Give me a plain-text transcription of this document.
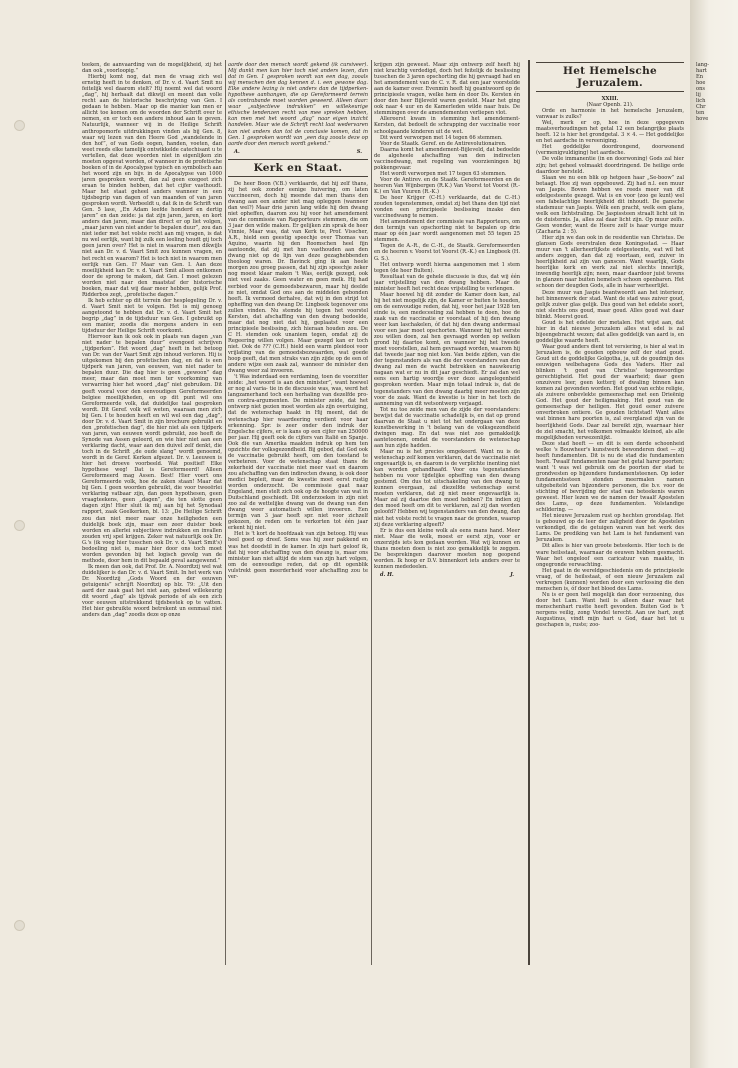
teeken, de aanvaarding van de mogelijkheid, zij het dan ook „voorloopig.”

Hierbij komt nog, dat men de vraag zich wel ernstig heeft in te denken, of Dr. v. d. Vaart Smit nu feitelijk wel daarom stelt? Hij noemt wel dat woord „dag”, hij herhaalt dat dikwijl en meent dan volle recht aan de historische beschrijving van Gen. I gedaan te hebben. Maar op die manier kan men er allicht toe komen om de woorden der Schrift over te nemen, en er toch een andere inhoud aan te geven. Natuurlijk, wanneer wij in de Heilige Schrift anthropomorfe uitdrukkingen vinden als bij Gen. 8, waar wij lezen van den Heere God „wandelende in den hof”, of van Gods oogen, handen, voeten, dan weet reeds elke tamelijk ontwikkelde catechisant u te vertellen, dat deze woorden niet in eigenlijken zin moeten opgevat worden, of wanneer in de profetische boeken of in de Apocalypse typisch en symbolisch aan het woord zijn en bijv. in de Apocalypse van 1000 jaren gesproken wordt, dan zal geen exegeet zich eraan te binden hebben, dat het cijfer vasthoudt. Maar het staat geheel anders wanneer in een tijdsbegrip van dagen of van maanden of van jaren gesproken wordt. Verbeeldt u, dat ik in de Schrift van Gen. 5 lase, „En Adam leefde honderd en dertig jaren” en dan zeide: ja dat zijn jaren, jaren, en kort anders dan jaren, maar dan direct er op liet volgen, „maar jaren van niet ander te bepalen duur”, zou dan niet ieder met het volste recht aan mij vragen, is dat nu wel eerlijk, want bij zulk een leeling houdt gij toch geen jaren over? Het is niet in waarom men dikwijls niet aan Dr. v. d. Vaart Smit zou kunnen vragen, en het recht en waarom? Het is toch niet in waarom men eerlijk van Gen. I? Maar van Gen. I. Aan deze moeilijkheid kan Dr. v. d. Vaart Smit alleen ontkomen door de sprong te maken, dat Gen. I moet gelezen worden niet naar den maatstaf der historische boeken, maar dat wij daar meer hebben, gelijk Prof. Ridderbos zegt, „profetische dagen.”

Ik heb echter op dit terrein der hesplegeling Dr. v. d. Vaart Smit niet te volgen. Het is mij genoeg aangetoond te hebben dat Dr. v. d. Vaart Smit het begrip „dag” in de tijdsduur van Gen. I gebruikt op een manier, zoodis die morgens anders in een tijdsduur der Heilige Schrift voorkomt.

Hiervoor kan ik ook ook in plaats van dagen „van niet nader te bepalen duur” evengoed schrijven „tijdperken”. Het woord „dag” heeft in het betoog van Dr. van der Vaart Smit zijn inhoud verloren. Hij is uitgekomen bij den profetischen dag, en dat is een tijdperk van jaren, van eeuwen, van niet nader te bepalen duur. Die dag hier is geen „gewoon” dag meer, maar dan moet men ter voorkoming van verwarring hier het woord „dag” niet gebruiken. Dit geeft vooral voor den eenvoudigen Gereformeerden belgiee moeilijkheden, en op dit punt wil ons Gereformeerde volk, dat duidelijke taal gesproken wordt. Dit Geref. volk wil weten, waaraan men zich bij Gen. I te houden heeft en wil wel een dag „dag”, door Dr. v. d. Vaart Smit in zijn brochure gebruikt en den „profetischen dag”, die hier niet als een tijdperk van jaren, van eeuwen wordt gebruikt, zoo heeft de Synode van Assen geleerd, en wie hier niet aan een verklaring dacht, waar aan den duivel zelf denkt, die toch in de Schrift „de oude slang” wordt genoemd, wordt in de Geref. Kerken afgezet. Dr. v. Leeuwen is hier het droeve voorbeeld. Wat positief! Elke hypothese weg! Dat is Gereformeerd! Alleen Gereformeerd mag Assen. Best! Hier voert ons Gereformeerde volk, hoe de zaken staan! Maar dat bij Gen. I geen woorden gebruikt, die voor tweeërlei verklaring vatbaar zijn, dan geen hypothesen, geen vraagteekens, geen „dagen”, die ten slotte geen dagen zijn! Hier sluit ik mij aan bij het Synodaal rapport, zaak Geelkerken, bl. 13: „De Heilige Schrift zou dan niet meer naar onze heiligheden een duidelijk boek zijn, maar een zeer duister boek worden en allerlei subjectieve indrukken en invallen zouden vrij spel krijgen. Zeker wat natuurlijk ook Dr. G.'s (ik voeg hier tusschen ook Dr. v. d. Vaart Smit's) bedoeling niet is, maar hier door ons toch moet worden gevonden bij het logisch gevolg van de methode, door hem in dit bepaald geval aangewend.”

Ik meen dan ook, dat Prof. Dr. A. Noordtzij wel wat duidelijker is dan Dr. v. d. Vaart Smit. In het werk van Dr. Noordtzij „Gods Woord en der eeuwen getuigenis” schrijft Noordtzij op blz. 79: „Uit den aard der zaak gaat het niet aan, gebeel willekeurig dit woord „dag” als tijdvak periode of als een zich voor eeuwen uitstrekkend tijdsbestek op te vatten. Het hier gebruikte woord betrekent un eenmaal niet anders dan „dag” zoodis deze op onze

aarde door den mensch wordt gekend (ik cursiveer). Mij dunkt men kan hier toch niet anders lezen, dan dat in Gen. 1 gesproken wordt van een dag, zooals wij menschen den dag kennen d. i. een gewone dag. Elke andere lezing is niet anders dan de tijdperken-hypothese aanhangen, die op Gereformeerd terrein als contrabande moet worden geweerd. Alleen daar: waar „subjectieve indrukken” en willekeurige ethische tendenzen recht van mee spreken hebben, kan men met het woord „dag” naar eigen inzicht handelen. Maar wie de Schrift recht laat wedervaren kan niet anders dan tot de conclusie komen, dat in Gen. 1 gesproken wordt van „een dag zooals deze op aarde door den mensch wordt gekend.”

A.	S.
Kerk en Staat.

De heer Boon (V.B.) verklaarde, dat hij zelf thans, zij het ook zonder eenige huivering, om laten vaccineeren, doch hij meende dat men thans den dwang aan een ander niet mag opleggen (wanneer dan wel?) Maar drie jaren lang wilde hij den dwang niet opheffen, daarom zou hij voor het amendement van de commissie van Rapporteurs stemmen, die om 3 jaar den wilde maken. Er gelijken zin sprak de heer Vinnie, Maar was, dat van Kerk te, Prof. Visscher, A.R., hield een geestig speechje over Thomas van Aquino, waarin hij den Roomschen heel fijn aantoonde, dat zij met hun vasthouden aan den dwang niet op de lijn van deze gezaghebbenden theoloog waren. Dr. Bavinck ging ik aan heele morgen zou groeg passen, dat hij zijn speechje zeker nog moest klaar maken 't Was, eerlijk gezegd, ook niet veel zaaks. Geen water en geen melk. Hij had eerbied voor de gemoedsbezwaren, maar hij deelde ze niet, omdat God ons aan de middelen gebonden heeft. Ik vermoed derhalve, dat wij in den strijd tot opheffing van den dwang Dr. Lingbeek tegenover ons zullen vinden. Nu stemde hij tegen het voorstel Kersten, dat afschaffing van den dwang bedoelde, maar dat nog niet dat hij, geplaatst voor een principieele beslissing, zich hieraan houden zou. De C H. stemden ook unaniem tegen, omdat zij de Regeering willen volgen. Maar gezegd kan er toch niet. Ook de ??? (C.H.) hield een warm pleidooi voor vrijlating van de gemoedsbezwaarden, wat goede hoop geeft, dat men straks van zijn zijde op de een of andere wijze een zaak zal, wanneer de minister den dwang weer zal invoeren.

't Was inderdaad een verdaming, toen de voorzitter zeide: „het woord is aan den minister”, want hoewel er nog al varia- tie in de discussie was, was, werd het langzamerhand toch een herhaling van dezelfde pro- en contra-argumenten. De minister zeide, dat het ontwerp niet gezien moet worden als zijn overtuiging, dat de wetenschap haakt in Hij meent, dat de wetenschap hier waardeering verdient voor haar erkenning. Spr. is zeer onder den indruk der Engelsche cijfers, er is kans op een cijfer van 250000 per jaar. Hij geeft ook de cijfers van Italië en Spanje. Ook die van Amerika maakten indruk op hem ten opzichte der volksgezondheid. Bij gebod, dat God ook de vaccinatie gebruikt heeft, om den toestand te verbeteren. Voor de wetenschap staat thans de zekerheid der vaccinatie niet meer vast en daarom zou afschaffing van den indirecten dwang, is ook door medici bepleit, maar de kwestie moet eerst rustig worden onderzocht. De commissie gaat naar Engeland, men stelt zich ook op de hoogte van wat in Duitschland geschiedt. Dit onderzoeken in zijn niet zoo zal de wettelijke dwang van de dwang van den dwang weer automatisch willen invoeren. Een termijn van 3 jaar heeft spr. niet voor zichzelf gekozen, de reden om te verkorten tot één jaar erkent hij niet.

Het is 't kort de hoofdzaak van zijn betoog. Hij was heel goed op dreef. Soms was hij zeer pakkend en was het doodstil in de kamer. In zijn hart geloof ik, dat hij voor afschaffing van den dwang is, maar ons minister kan niet altijd de stem van zijn hart volgen, om de eenvoudige reden, dat op dit ogenblik vulstrekt geen meerderheid voor afschaffing zou te ver-

krijgen zijn geweest. Maar zijn ontwerp zelf heeft hij niet krachtig verdedigd, doch het feitelijk de beslissing tusschen de 3 jaren opschorting die hij gevraagd had en het amendement van de C. v. R. dat een jaar voorstelde aan de kamer over. Evenmin heeft hij geantwoord op de principieele vragen, welke hem én door Ds. Kersten én door den heer Bijleveld waren gesteld. Maar het ging ook naar 4 uur en de Kamerleden wilde naar huis. De stemmingen over de amendementen verliepen vlot.

Allereerst kwam in stemming het amendement-Kersten, dat bedoelt de schrapping der vaccinatie voor schoolgaande kinderen uit de wet.

Dit werd verworpen met 14 tegen 66 stemmen.

Voor de Staatk. Geref. en de Antirevolutionairen.

Daarna komt het amendement-Bijleveld, dat bedoelde de algeheele afschaffing van den indirecten vaccinedwang, met regeling van voorzieningen bij pokkengevaar.

Het wordt verworpen met 17 tegen 63 stemmen.

Voor de Antirev. en de Staatk. Gereformeerden en de heeren Van Wijnbergen (R.K.) Van Voorst tot Voorst (R.-K.) en Van Vuuren (R.-K.)

De heer Krijger (C-H.) verklaarde, dat de C.-H.) zouden tegenstemmen, omdat zij het thans den tijd niet vonden een principieele beslissing inzake den vaccinedwang te nemen.

Het amendement der commissie van Rapporteurs, om den termijn van opschorting niet te bepalen op drie maar op één jaar wordt aangenomen met 55 tegen 25 stemmen.

Tegen de A.-R., de C.-H., de Staatk. Gereformeerden en de heeren v. Voorst tot Voorst (R.-K.) en Lingbeek (H. G. S.).

Het ontwerp wordt hierna aangenomen met 1 stem tegen (de heer Bulten).

Resultaat van de gehele discussie is dus, dat wij één jaar vrijstelling van den dwang hebben. Maar de minister heeft het recht deze vrijstelling te verlengen.

Maar hoewel hij dit zonder de Kamer doen kan, zal hij het niet mogelijk zijn, de Kamer er buiten te houden, om de eenvoudige reden, dat hij, voor het jaar 1928 ten einde is, een medeceeling zal hebben te doen, hoe de zaak van de vaccinatie er voorstaat of hij den dwang weer kan laschakelen, óf dat hij den dwang andermaal voor een jaar moet opschorten. Wanneer hij het eerste zou willen doen, zal hen gevraagd worden op welken grond hij daartoe komt, en wanneer hij het tweede moet voorstellen, zal hem gevraagd worden, waarom hij dat tweede jaar nog niet kon. Van beide zijden, van die der tegenstanders als van die der voorstanders van den dwang zal men de wacht betrekken en nauwkeurig nagaan wat er nu in dit jaar geschiedt. Er zal dan wel eens een hartig woordje over deze aangelegenheid gesproken worden. Maar mijn totaal indruk is, dat de tegenstanders van den dwang daarbij meer moeten zijn voor de zaak. Want de kwestie is hier in het toch de aanneming van dit wetsontwerp verjaagd.

Tot nu toe zeide men van de zijde der voorstanders: bewijst dat de vaccinatie schadelijk is, en dat op grond daarvan de Staat u niet tot het ondergaan van deze kunstbewerking in 't belang van de volksgezondheid dwingen mag. En dat was niet zoo gemakkelijk aantetoonen, omdat de voorstanders de wetenschap aan hun zijde hadden.

Maar nu is het precies omgekeerd. Want nu is de wetenschap zelf komen verklaren, dat de vaccinatie niet ongevaarlijk is, en daarom is de verplichte inenting niet kan worden gehandhaafd. Voor ons tegenstanders hebben nu voor tijdelijke opheffing van den dwang gestemd. Om dus tot uitschakeling van den dwang te kunnen overgaan, zal diezelfde wetenschap eerst moeten verklaren, dat zij niet meer ongevaarlijk is. Maar zal zij daartoe den moed hebben? En indien zij den moed heeft om dit te verklaren, zal zij dan worden geloofd? Hebben wij tegenstanders van den dwang, dan niet het volste recht te vragen naar de gronden, waarop zij deze verklaring afgeeft?

Er is dus een kleine wolk als eens mans hand. Meer niet. Maar die wolk, moest er eerst zijn, voor er onzerzijds iets kon gedaan worden. Wat wij kunnen en thans moeten doen is niet zoo gemakkelijk te zeggen. De besprekingen daarover moeten nog geopend worden. Ik hoop er D.V. binnenkort iets anders over te kunnen mededeelen.

d. H.	J.
Het Hemelsche Jeruzalem.

XXIII.

(Naar Openb. 21).

Orde en harmonie in het hemelsche Jeruzalem, vanwaar is zulks?

Wel, merk er op, hoe in deze opgegeven maatsverhoudingen het getal 12 een belangrijke plaats heeft. 12 is hier het grondgetal. 3 × 4. — Het goddelijke en het aardsche in vereeniging.

Het goddelijke doordrongend, doorwonend (vermenigvuldiging) het aardsche.

De volle immanentie (in en doorwoning) Gods zal hier zijn; het geheel volmaakt doordringend. De heilige orde daardoor hersteld.

Slaan we nu een blik op hetgeen haar „Se-boow” zal betaagt. Hoe zij wan opgebouwd. Zij had n.l. een muur van Jaspis. Boven hebben we reeds meer van dit edelgesteente gezegd. Wat is en voor (zoo ge kunt) wel een fabelachtige heerlijkheid dit inhoudt. De gansche stadsmuur van Jaspis. Wélk een pracht, welk een glans, welk een lichtstraling. De Jaspissteen straalt licht uit in de duisternis. Ja, alles zal daar licht zijn. Op muur zelfs. Geen wonder, want de Heere zelf is haar vurige muur (Zacharia 2 : 5).

Hier zijn we dan ook in de residentie van Christus. De glansen Gods overstralen deze Koningsstad. — Haar muur van 't allerheerlijkste edelgesteente, wat wil het anders zeggen, dan dat zij voortaan, eed, zuiver in heerlijkheid zal zijn van ganscen. Want waarlijk, Gods heerlijke kerk en werk zal niet slechts innerlijk, inwendig heerlijk zijn; neen, maar daardoor juist tevens in glanzen naar buiten hemelsch schoon openbaren. Het schoon der deugden Gods, alle in haar verheerlijkt.

Deze muur van Jaspis beantwoordt aan het interieur, het binnenwerk der stad. Want de stad was zuiver goud, gelijk zuiver glas gelijk. Dus goud van het edelste soort, niet slechts ons goud, maar goud. Alles goud wat daar blinkt. Meerst goud.

Goud is het edelste der metalen. Het wijst aan, dat hier in dat nieuwe Jeruzalem alles wat edel is zal bijeengebracht wezen; dat alles goddelijk van aard is, en goddelijke waarde heeft.

Waar goud anders dient tot versiering, is hier al wat in Jeruzalem is, de gouden opbouw zelf der stad goud. Goud uit de goddelijke Golgotha, ja, uit de goudmijn des eeuwigen welbehagens Gods des Vaders. Hier zal blinken 't goud van Christus' tegenwoordige gerechtigheid. Het goud der waarheid; daar geen onzuivere leer, geen ketterij of dwaling binnen kan komen zal gevonden worden. Het goud van echte religie, als zuivere onbevlekte gemeenschap met een Drieënig God. Het goud der heiligmaking. Het goud van de gemeenschap der heiligen. Het goud eener zuivere onverbroken ontiere. Ge gouden lichtstad! Want alles wat binnen hare poorten is, zal overglansd zijn van de heerlijkheid Gods. Daar zal bereikt zijn, waarnaar hier de ziel smacht, het volkomen volmaakte kleinod, als alle mogelijkheden verwezenlijkt.

Deze stad heeft — en dit is een derde schoonheid welke 's Bouwheer's kunstwerk bewonderen doet — zij heeft fundamenten. Dit is nu de stad die fundamenten heeft. Twaalf fundamenten naar het getal harer poorten; want 't was wel gebruik om de poorten der stad te grondvesten op bijzondere fundamentsteenen. Op ieder fundamentssteen stonden meermalen namen uitgebeiteld van bijzondere personen, die b.v. voor de stichting of bevrijding der stad van beteekenis waren geweest. Hier lezen we de namen der twaalf Apostelen des Lams, op deze fundamenten. Volstandige schildering. —

Het nieuwe Jeruzalem rust op hechten grondslag. Het is gebouwd op de leer der zaligheid door de Apostelen verkondigd, die de getuigen waren van het werk des Lams. De prediking van het Lam is het fundament van Jeruzalem.

Dit alles is hier van groote beteekenis. Hier toch is de ware heilsstaat, waarnaar de eeuwen hebben gesmacht. Waar het ongeloof een caricatuur van maakte, in ongegronde verwachting.

Het gaat in de wereldgeschiedenis om de principieele vraag, of de heilsstaat, of een nieuw Jeruzalem zal verkregen (kunnen) worden door een verlossing die den menschen is, óf door het bloed des Lams.

Nu is er geen heil mogelijk dan door verzoening, dus door het Lam. Want heil is alleen daar waar het menschenhart rustte heeft gevonden. Buiten God is 't nergens veilig, zong Vondel terecht. Aan uw hart, zegt Augustinus, vindt mijn hart u God, daar het tot u geschapen is, ruste; zoo-

lang-
hart
En
hoe
ons
lij
lich
Chr
ten
hove
